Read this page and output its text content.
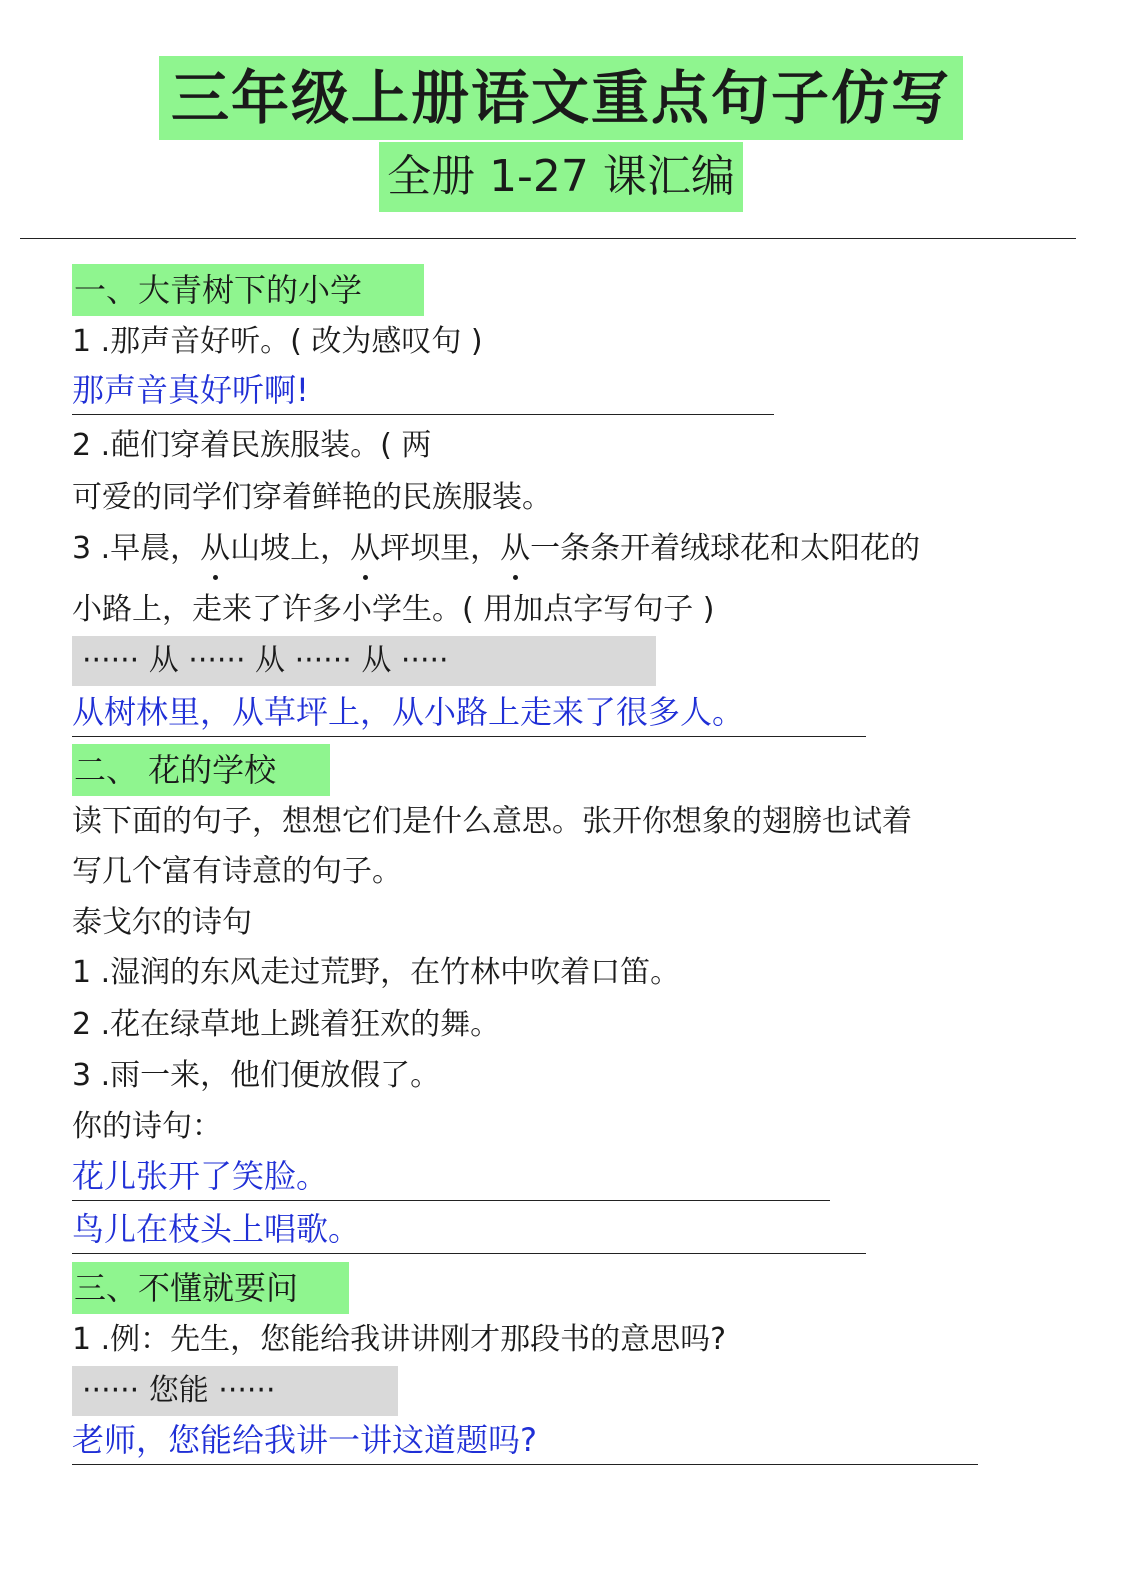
三年级上册语文重点句子仿写
全册 1-27 课汇编
一、大青树下的小学
1 .那声音好听。( 改为感叹句 )
那声音真好听啊!
2 .葩们穿着民族服装。( 两
可爱的同学们穿着鲜艳的民族服装。
3 .早晨，从山坡上，从坪坝里，从一条条开着绒球花和太阳花的
小路上，走来了许多小学生。( 用加点字写句子 )
······ 从 ······ 从 ······ 从 ·····
从树林里，从草坪上，从小路上走来了很多人。
二、 花的学校
读下面的句子，想想它们是什么意思。张开你想象的翅膀也试着
写几个富有诗意的句子。
泰戈尔的诗句
1 .湿润的东风走过荒野，在竹林中吹着口笛。
2 .花在绿草地上跳着狂欢的舞。
3 .雨一来，他们便放假了。
你的诗句：
花儿张开了笑脸。
鸟儿在枝头上唱歌。
三、不懂就要问
1 .例：先生，您能给我讲讲刚才那段书的意思吗?
······ 您能 ······
老师，您能给我讲一讲这道题吗?
